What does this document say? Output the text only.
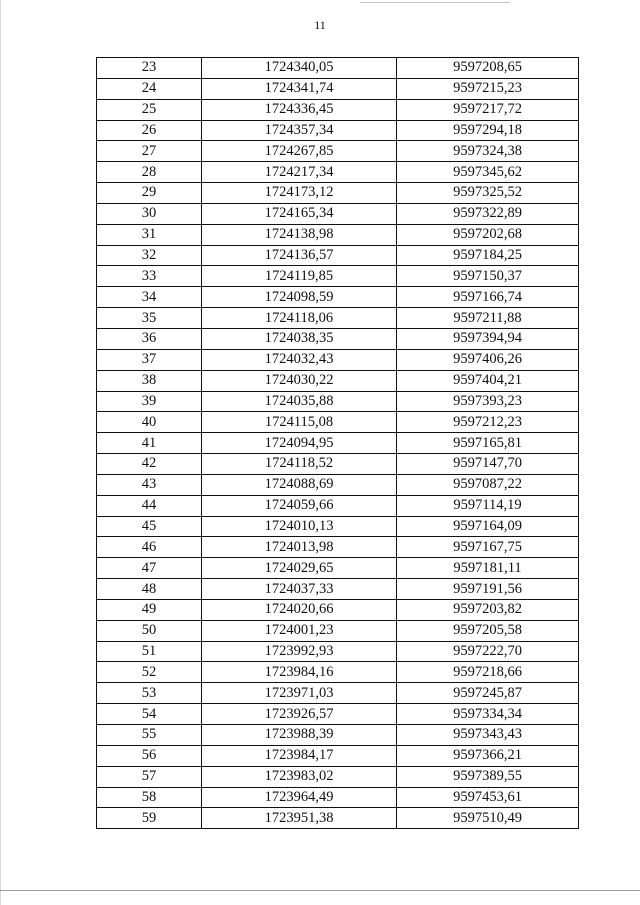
11
23	1724340,05	9597208,65
24	1724341,74	9597215,23
25	1724336,45	9597217,72
26	1724357,34	9597294,18
27	1724267,85	9597324,38
28	1724217,34	9597345,62
29	1724173,12	9597325,52
30	1724165,34	9597322,89
31	1724138,98	9597202,68
32	1724136,57	9597184,25
33	1724119,85	9597150,37
34	1724098,59	9597166,74
35	1724118,06	9597211,88
36	1724038,35	9597394,94
37	1724032,43	9597406,26
38	1724030,22	9597404,21
39	1724035,88	9597393,23
40	1724115,08	9597212,23
41	1724094,95	9597165,81
42	1724118,52	9597147,70
43	1724088,69	9597087,22
44	1724059,66	9597114,19
45	1724010,13	9597164,09
46	1724013,98	9597167,75
47	1724029,65	9597181,11
48	1724037,33	9597191,56
49	1724020,66	9597203,82
50	1724001,23	9597205,58
51	1723992,93	9597222,70
52	1723984,16	9597218,66
53	1723971,03	9597245,87
54	1723926,57	9597334,34
55	1723988,39	9597343,43
56	1723984,17	9597366,21
57	1723983,02	9597389,55
58	1723964,49	9597453,61
59	1723951,38	9597510,49
